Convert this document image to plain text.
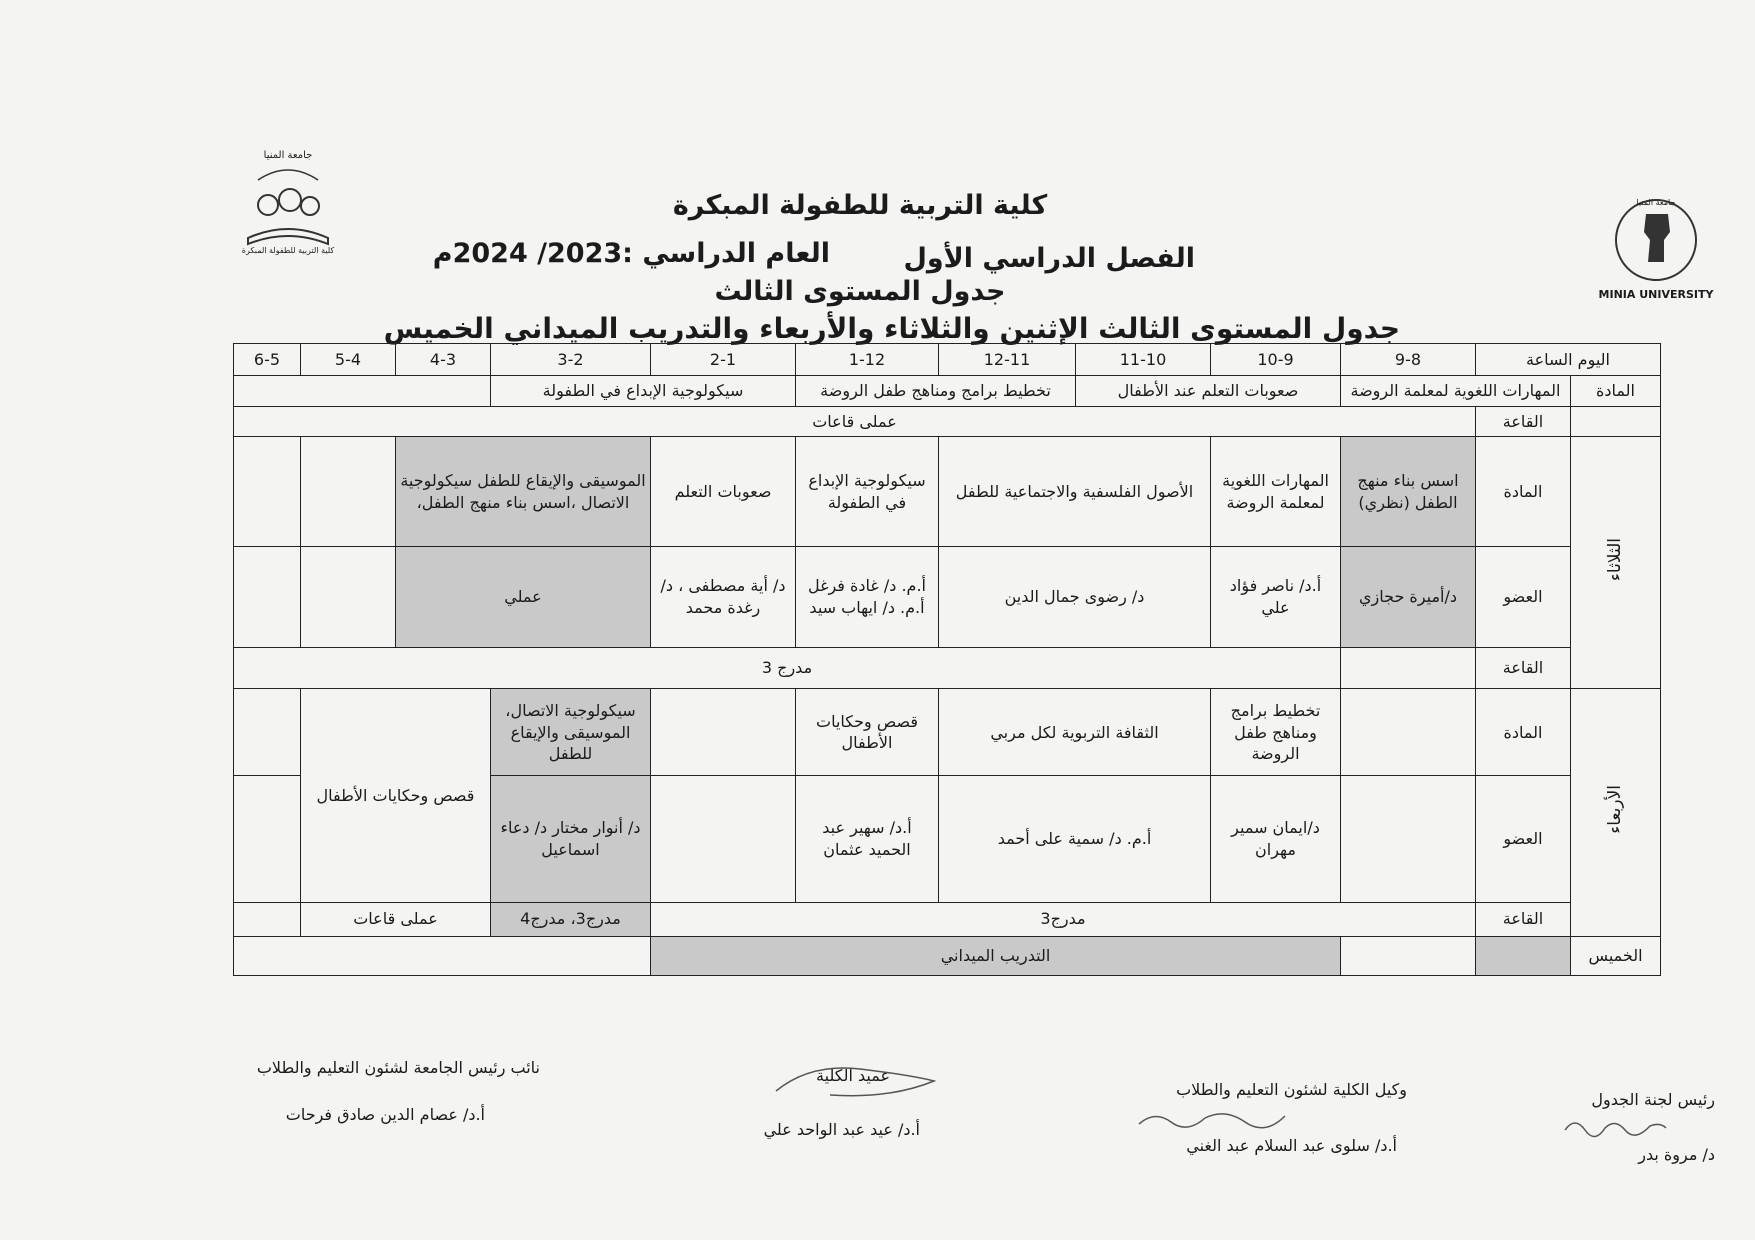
جامعة المنيا
كلية التربية للطفولة المبكرة
جامعة المنيا
MINIA UNIVERSITY
كلية التربية للطفولة المبكرة
الفصل الدراسي الأول
العام الدراسي :2023/ 2024م
جدول المستوى الثالث
جدول المستوى الثالث الإثنين والثلاثاء والأربعاء والتدريب الميداني الخميس
6-5	5-4	4-3	3-2	2-1	1-12	12-11	11-10	10-9	9-8	اليوم الساعة		
			سيكولوجية الإبداع في الطفولة		تخطيط برامج ومناهج طفل الروضة		صعوبات التعلم عند الأطفال		المهارات اللغوية لمعلمة الروضة		المادة	
عملى قاعات										القاعة		
		الموسيقى والإيقاع للطفل سيكولوجية الاتصال ،اسس بناء منهج الطفل،		صعوبات التعلم	سيكولوجية الإبداع في الطفولة	الأصول الفلسفية والاجتماعية للطفل		المهارات اللغوية لمعلمة الروضة	اسس بناء منهج الطفل (نظري)	المادة	الثلاثاء	
		عملي		د/ أية مصطفى ، د/ رغدة محمد	أ.م. د/ غادة فرغل أ.م. د/ ايهاب سيد	د/ رضوى جمال الدين		أ.د/ ناصر فؤاد علي	د/أميرة حجازي	العضو		
مدرج 3										القاعة		
	قصص وحكايات الأطفال		سيكولوجية الاتصال، الموسيقى والإيقاع للطفل		قصص وحكايات الأطفال	الثقافة التربوية لكل مربي		تخطيط برامج ومناهج طفل الروضة		المادة	الأربعاء	
			د/ أنوار مختار د/ دعاء اسماعيل		أ.د/ سهير عبد الحميد عثمان	أ.م. د/ سمية على أحمد		د/ايمان سمير مهران		العضو		
	عملى قاعات		مدرج3، مدرج4	مدرج3						القاعة		
				التدريب الميداني							الخميس	
رئيس لجنة الجدول
د/ مروة بدر
وكيل الكلية لشئون التعليم والطلاب
أ.د/ سلوى عبد السلام عبد الغني
عميد الكلية
أ.د/ عيد عبد الواحد علي
نائب رئيس الجامعة لشئون التعليم والطلاب
أ.د/ عصام الدين صادق فرحات
